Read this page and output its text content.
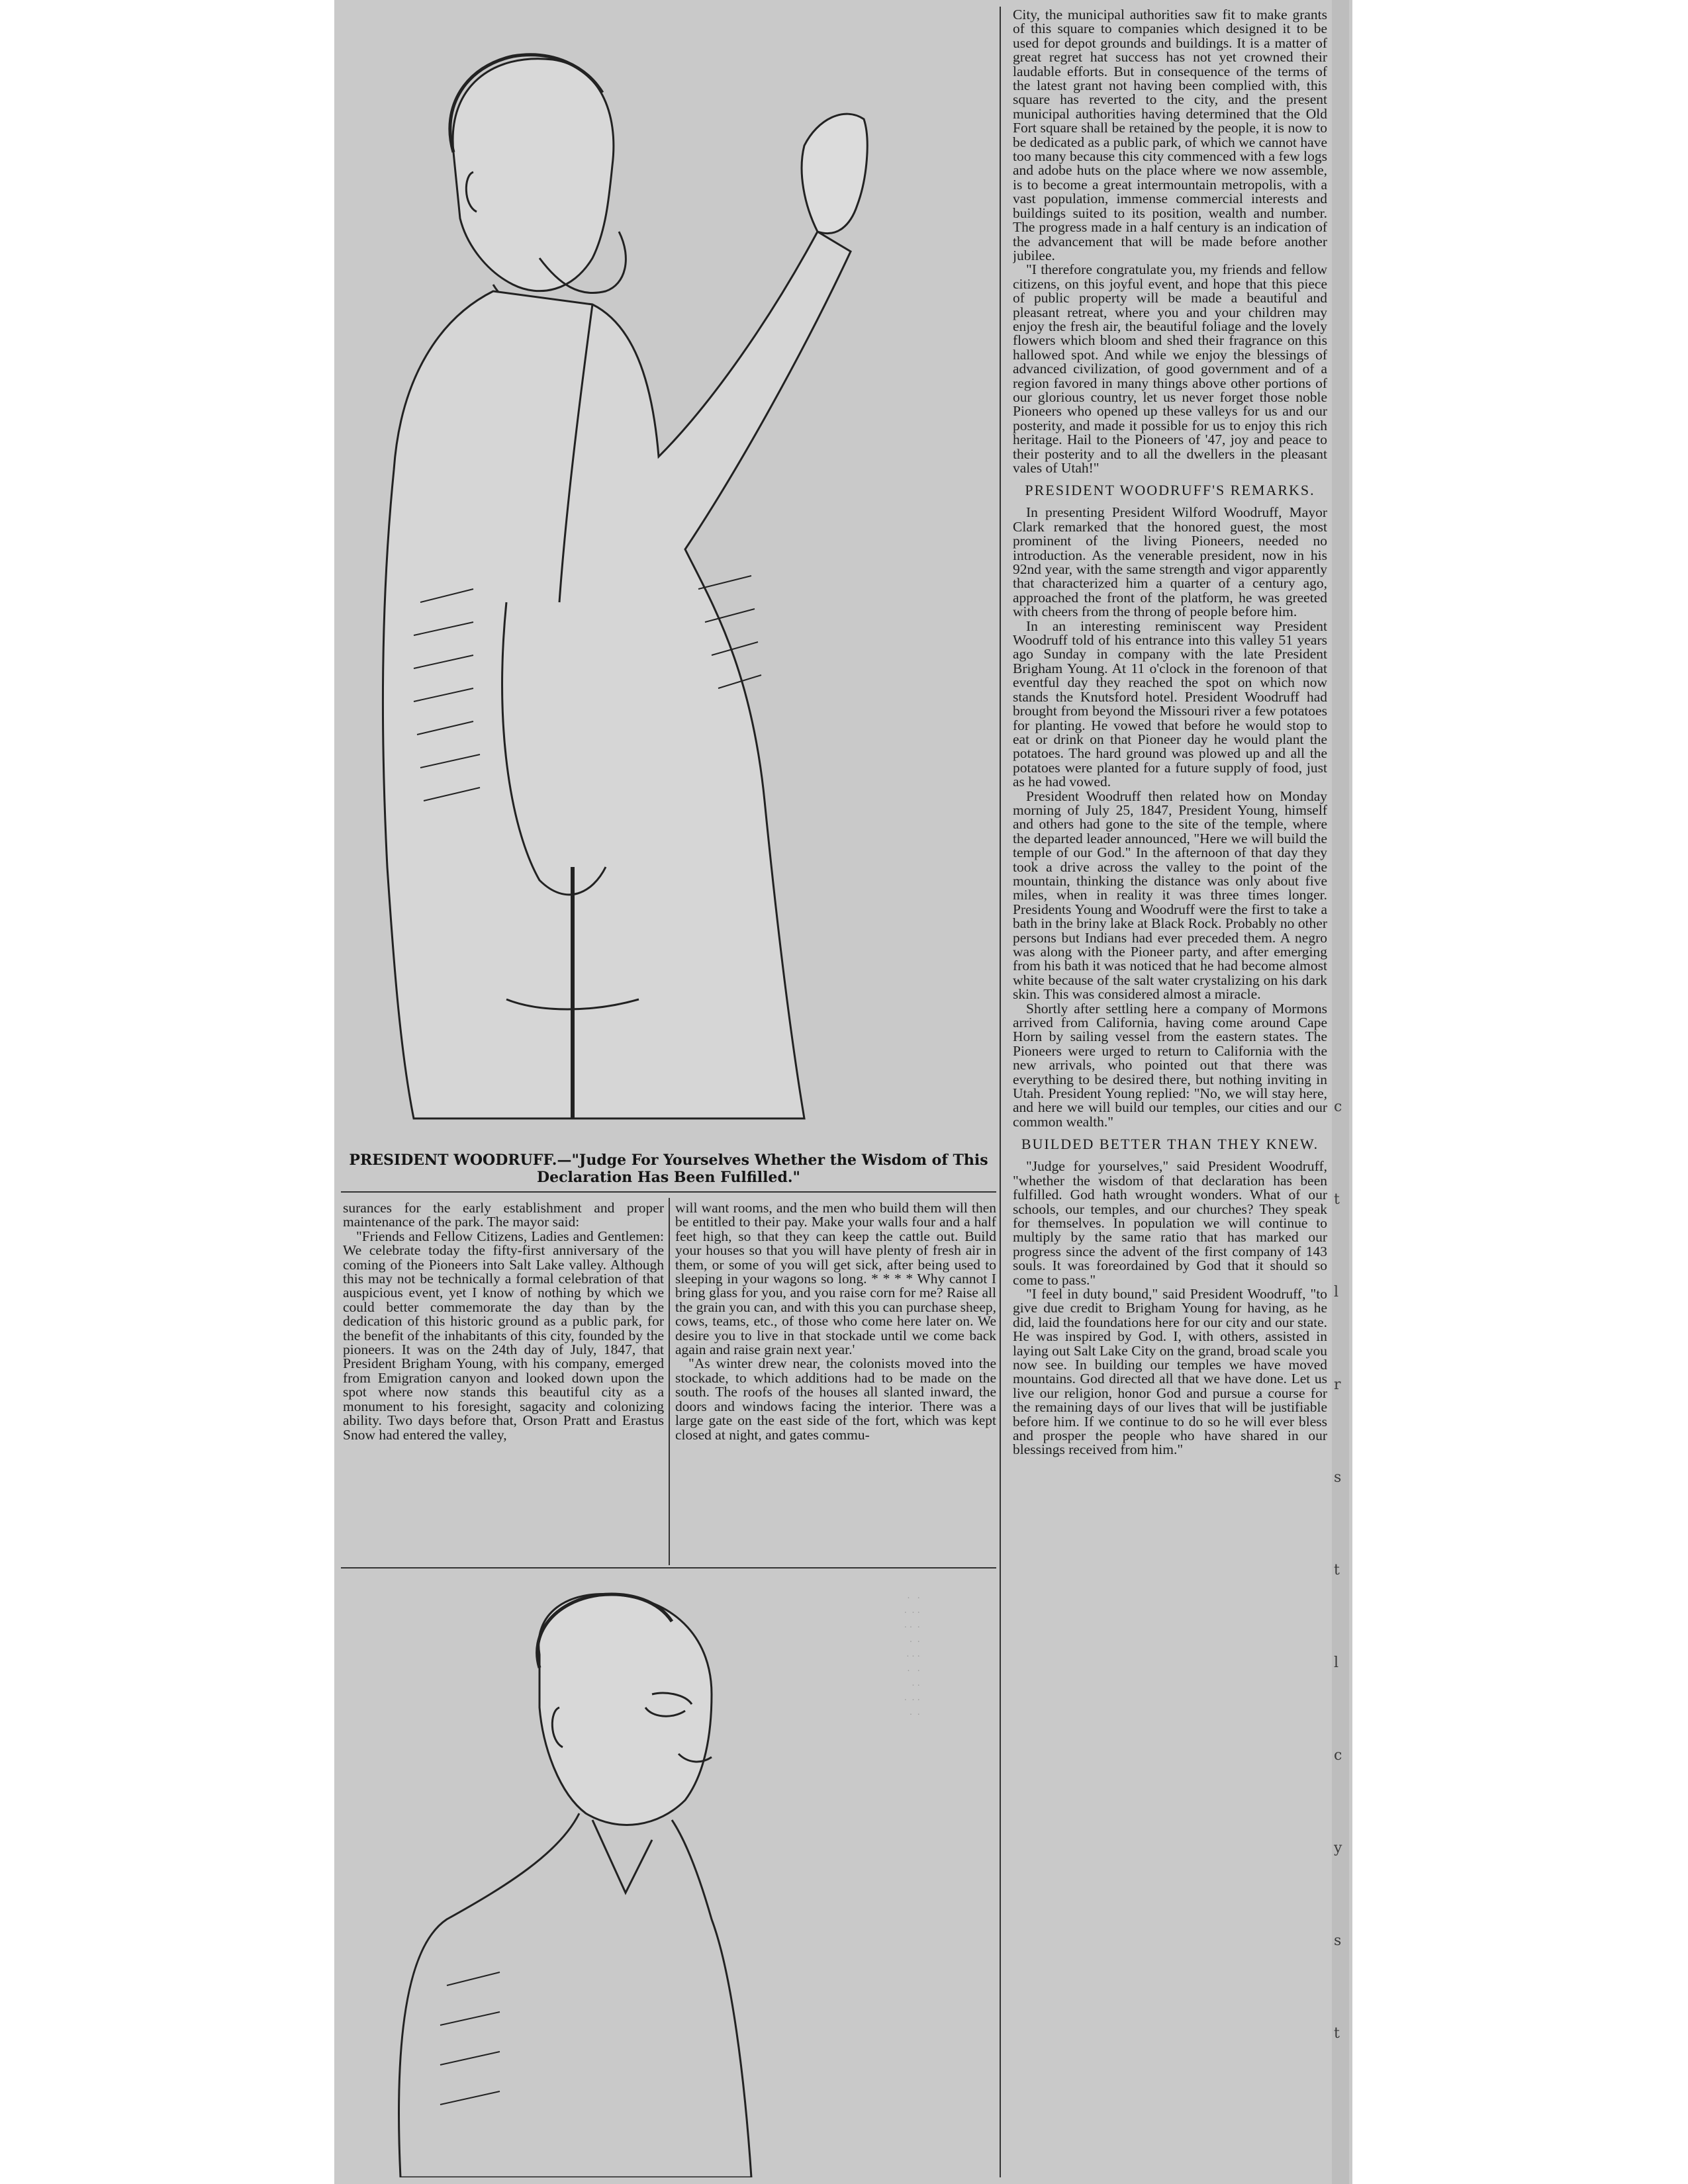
PRESIDENT WOODRUFF.—"Judge For Yourselves Whether the Wisdom of This Declaration Has Been Fulfilled."

surances for the early establishment and proper maintenance of the park. The mayor said:

"Friends and Fellow Citizens, Ladies and Gentlemen: We celebrate today the fifty-first anniversary of the coming of the Pioneers into Salt Lake valley. Although this may not be technically a formal celebration of that auspicious event, yet I know of nothing by which we could better commemorate the day than by the dedication of this historic ground as a public park, for the benefit of the inhabitants of this city, founded by the pioneers. It was on the 24th day of July, 1847, that President Brigham Young, with his company, emerged from Emigration canyon and looked down upon the spot where now stands this beautiful city as a monument to his foresight, sagacity and colonizing ability. Two days before that, Orson Pratt and Erastus Snow had entered the valley,

will want rooms, and the men who build them will then be entitled to their pay. Make your walls four and a half feet high, so that they can keep the cattle out. Build your houses so that you will have plenty of fresh air in them, or some of you will get sick, after being used to sleeping in your wagons so long. * * * * Why cannot I bring glass for you, and you raise corn for me? Raise all the grain you can, and with this you can purchase sheep, cows, teams, etc., of those who come here later on. We desire you to live in that stockade until we come back again and raise grain next year.'

"As winter drew near, the colonists moved into the stockade, to which additions had to be made on the south. The roofs of the houses all slanted inward, the doors and windows facing the interior. There was a large gate on the east side of the fort, which was kept closed at night, and gates commu-

·   ·
·  · ·
· ·  ·
·  ·
· · ·
·   ·
· ·
·  · ·
·  ·

City, the municipal authorities saw fit to make grants of this square to companies which designed it to be used for depot grounds and buildings. It is a matter of great regret hat success has not yet crowned their laudable efforts. But in consequence of the terms of the latest grant not having been complied with, this square has reverted to the city, and the present municipal authorities having determined that the Old Fort square shall be retained by the people, it is now to be dedicated as a public park, of which we cannot have too many because this city commenced with a few logs and adobe huts on the place where we now assemble, is to become a great intermountain metropolis, with a vast population, immense commercial interests and buildings suited to its position, wealth and number. The progress made in a half century is an indication of the advancement that will be made before another jubilee.

"I therefore congratulate you, my friends and fellow citizens, on this joyful event, and hope that this piece of public property will be made a beautiful and pleasant retreat, where you and your children may enjoy the fresh air, the beautiful foliage and the lovely flowers which bloom and shed their fragrance on this hallowed spot. And while we enjoy the blessings of advanced civilization, of good government and of a region favored in many things above other portions of our glorious country, let us never forget those noble Pioneers who opened up these valleys for us and our posterity, and made it possible for us to enjoy this rich heritage. Hail to the Pioneers of '47, joy and peace to their posterity and to all the dwellers in the pleasant vales of Utah!"

PRESIDENT WOODRUFF'S REMARKS.

In presenting President Wilford Woodruff, Mayor Clark remarked that the honored guest, the most prominent of the living Pioneers, needed no introduction. As the venerable president, now in his 92nd year, with the same strength and vigor apparently that characterized him a quarter of a century ago, approached the front of the platform, he was greeted with cheers from the throng of people before him.

In an interesting reminiscent way President Woodruff told of his entrance into this valley 51 years ago Sunday in company with the late President Brigham Young. At 11 o'clock in the forenoon of that eventful day they reached the spot on which now stands the Knutsford hotel. President Woodruff had brought from beyond the Missouri river a few potatoes for planting. He vowed that before he would stop to eat or drink on that Pioneer day he would plant the potatoes. The hard ground was plowed up and all the potatoes were planted for a future supply of food, just as he had vowed.

President Woodruff then related how on Monday morning of July 25, 1847, President Young, himself and others had gone to the site of the temple, where the departed leader announced, "Here we will build the temple of our God." In the afternoon of that day they took a drive across the valley to the point of the mountain, thinking the distance was only about five miles, when in reality it was three times longer. Presidents Young and Woodruff were the first to take a bath in the briny lake at Black Rock. Probably no other persons but Indians had ever preceded them. A negro was along with the Pioneer party, and after emerging from his bath it was noticed that he had become almost white because of the salt water crystalizing on his dark skin. This was considered almost a miracle.

Shortly after settling here a company of Mormons arrived from California, having come around Cape Horn by sailing vessel from the eastern states. The Pioneers were urged to return to California with the new arrivals, who pointed out that there was everything to be desired there, but nothing inviting in Utah. President Young replied: "No, we will stay here, and here we will build our temples, our cities and our common wealth."

BUILDED BETTER THAN THEY KNEW.

"Judge for yourselves," said President Woodruff, "whether the wisdom of that declaration has been fulfilled. God hath wrought wonders. What of our schools, our temples, and our churches? They speak for themselves. In population we will continue to multiply by the same ratio that has marked our progress since the advent of the first company of 143 souls. It was foreordained by God that it should so come to pass."

"I feel in duty bound," said President Woodruff, "to give due credit to Brigham Young for having, as he did, laid the foundations here for our city and our state. He was inspired by God. I, with others, assisted in laying out Salt Lake City on the grand, broad scale you now see. In building our temples we have moved mountains. God directed all that we have done. Let us live our religion, honor God and pursue a course for the remaining days of our lives that will be justifiable before him. If we continue to do so he will ever bless and prosper the people who have shared in our blessings received from him."

c
t
l
r
s
t
l
c
y
s
t
